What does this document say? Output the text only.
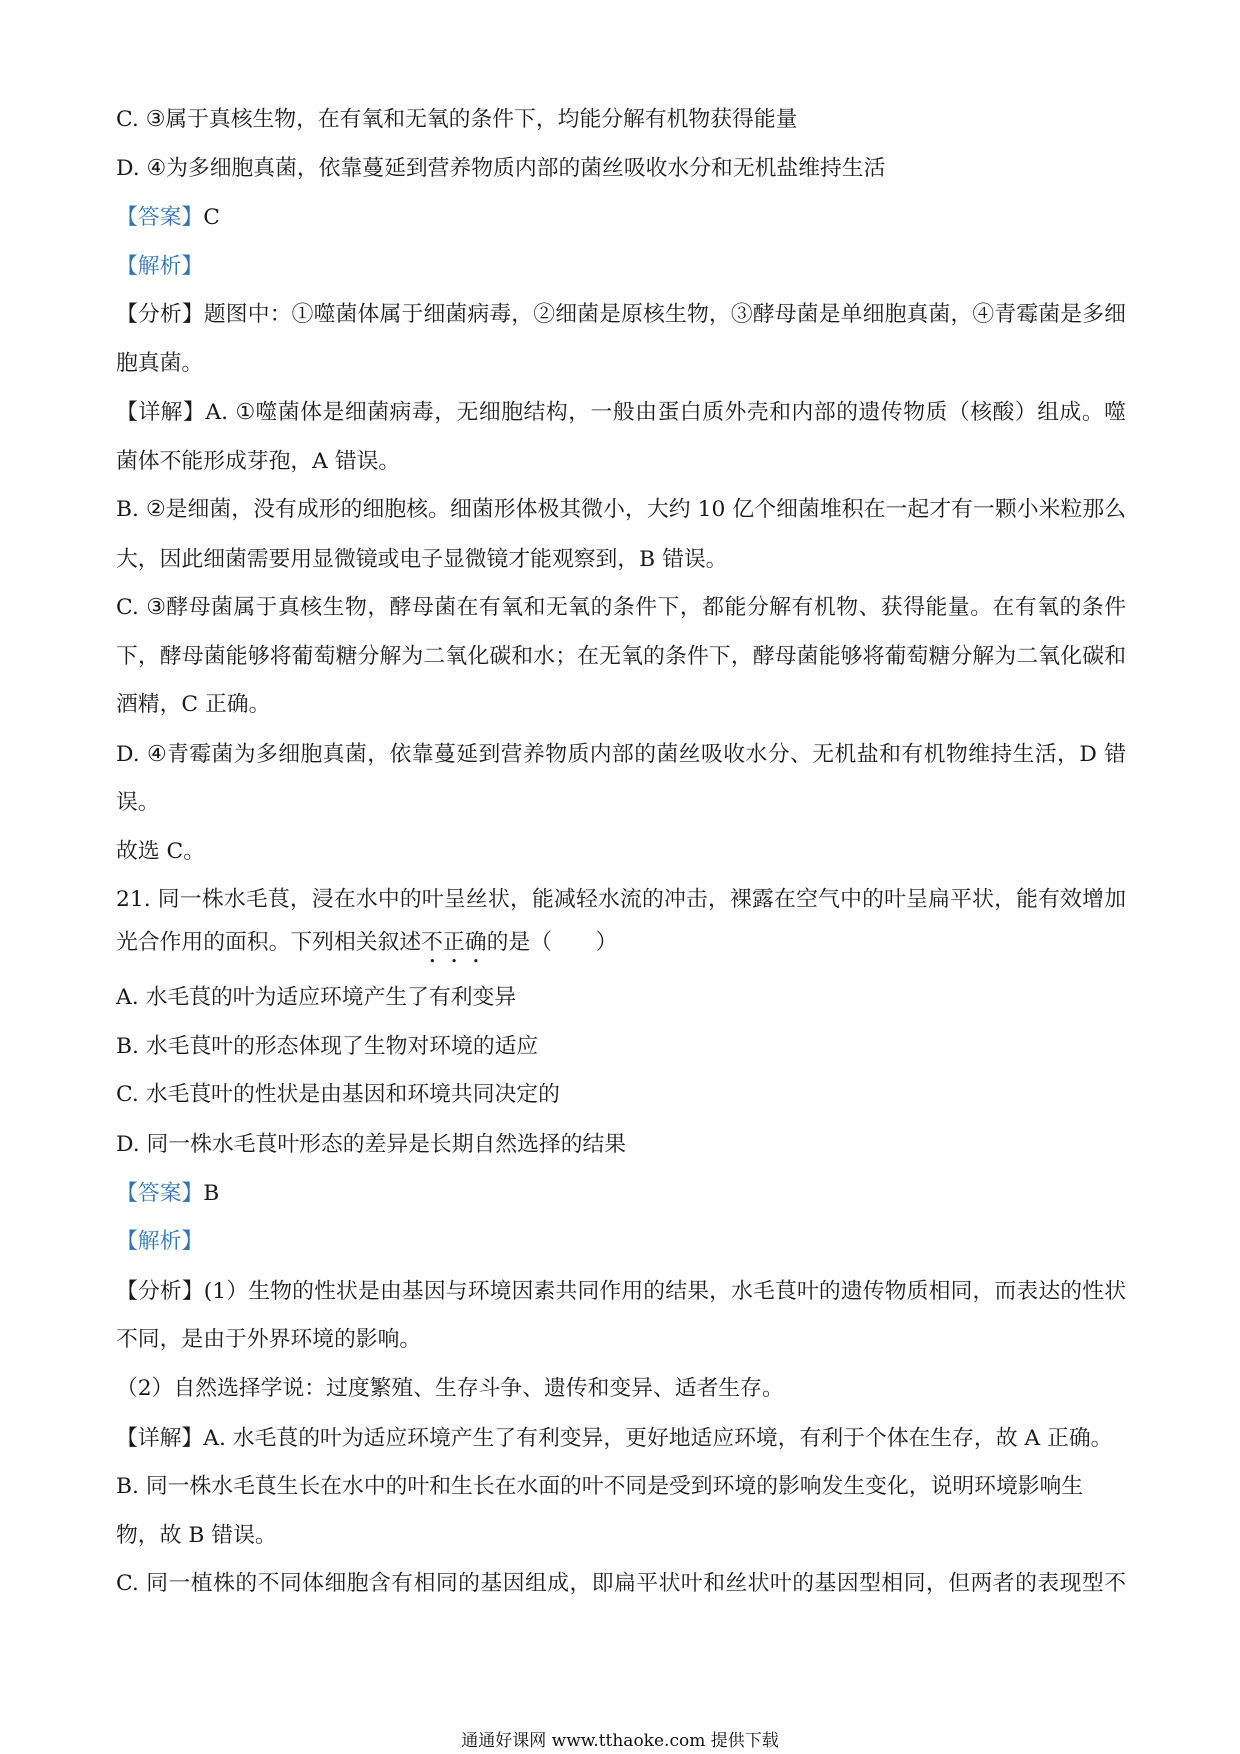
C. ③属于真核生物，在有氧和无氧的条件下，均能分解有机物获得能量
D. ④为多细胞真菌，依靠蔓延到营养物质内部的菌丝吸收水分和无机盐维持生活
【答案】C
【解析】
【分析】题图中：①噬菌体属于细菌病毒，②细菌是原核生物，③酵母菌是单细胞真菌，④青霉菌是多细
胞真菌。
【详解】A. ①噬菌体是细菌病毒，无细胞结构，一般由蛋白质外壳和内部的遗传物质（核酸）组成。噬
菌体不能形成芽孢，A 错误。
B. ②是细菌，没有成形的细胞核。细菌形体极其微小，大约 10 亿个细菌堆积在一起才有一颗小米粒那么
大，因此细菌需要用显微镜或电子显微镜才能观察到，B 错误。
C. ③酵母菌属于真核生物，酵母菌在有氧和无氧的条件下，都能分解有机物、获得能量。在有氧的条件
下，酵母菌能够将葡萄糖分解为二氧化碳和水；在无氧的条件下，酵母菌能够将葡萄糖分解为二氧化碳和
酒精，C 正确。
D. ④青霉菌为多细胞真菌，依靠蔓延到营养物质内部的菌丝吸收水分、无机盐和有机物维持生活，D 错
误。
故选 C。
21. 同一株水毛茛，浸在水中的叶呈丝状，能减轻水流的冲击，裸露在空气中的叶呈扁平状，能有效增加
光合作用的面积。下列相关叙述不正确的是（　　）
A. 水毛茛的叶为适应环境产生了有利变异
B. 水毛茛叶的形态体现了生物对环境的适应
C. 水毛茛叶的性状是由基因和环境共同决定的
D. 同一株水毛茛叶形态的差异是长期自然选择的结果
【答案】B
【解析】
【分析】(1）生物的性状是由基因与环境因素共同作用的结果，水毛茛叶的遗传物质相同，而表达的性状
不同，是由于外界环境的影响。
（2）自然选择学说：过度繁殖、生存斗争、遗传和变异、适者生存。
【详解】A. 水毛茛的叶为适应环境产生了有利变异，更好地适应环境，有利于个体在生存，故 A 正确。
B. 同一株水毛茛生长在水中的叶和生长在水面的叶不同是受到环境的影响发生变化，说明环境影响生
物，故 B 错误。
C. 同一植株的不同体细胞含有相同的基因组成，即扁平状叶和丝状叶的基因型相同，但两者的表现型不
通通好课网 www.tthaoke.com 提供下载
